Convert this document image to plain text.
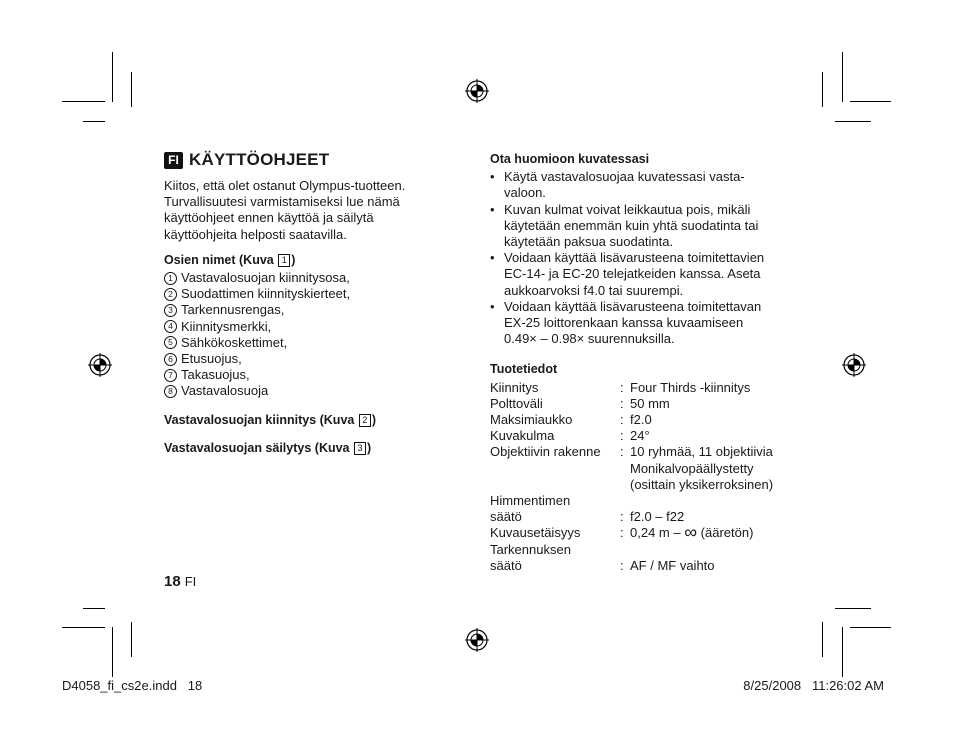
FI KÄYTTÖOHJEET

Kiitos, että olet ostanut Olympus-tuotteen. Turvallisuutesi varmistamiseksi lue nämä käyttöohjeet ennen käyttöä ja säilytä käyttöohjeita helposti saatavilla.

Osien nimet (Kuva 1 )
1 Vastavalosuojan kiinnitysosa,
2 Suodattimen kiinnityskierteet,
3 Tarkennusrengas,
4 Kiinnitysmerkki,
5 Sähkökoskettimet,
6 Etusuojus,
7 Takasuojus,
8 Vastavalosuoja
Vastavalosuojan kiinnitys (Kuva 2 )
Vastavalosuojan säilytys (Kuva 3 )
18 FI
Ota huomioon kuvatessasi
• Käytä vastavalosuojaa kuvatessasi vasta-valoon.
• Kuvan kulmat voivat leikkautua pois, mikäli käytetään enemmän kuin yhtä suodatinta tai käytetään paksua suodatinta.
• Voidaan käyttää lisävarusteena toimitettavien EC-14- ja EC-20 telejatkeiden kanssa. Aseta aukkoarvoksi f4.0 tai suurempi.
• Voidaan käyttää lisävarusteena toimitettavan EX-25 loittorenkaan kanssa kuvaamiseen 0.49× – 0.98× suurennuksilla.
Tuotetiedot
Kiinnitys	: Four Thirds -kiinnitys
Polttoväli	: 50 mm
Maksimiaukko	: f2.0
Kuvakulma	: 24°
Objektiivin rakenne	: 10 ryhmää, 11 objektiivia
Monikalvopäällystetty
(osittain yksikerroksinen)
Himmentimen
säätö	: f2.0 – f22
Kuvausetäisyys	: 0,24 m – ∞ (ääretön)
Tarkennuksen
säätö	: AF / MF vaihto
D4058_fi_cs2e.indd   18	8/25/2008   11:26:02 AM
